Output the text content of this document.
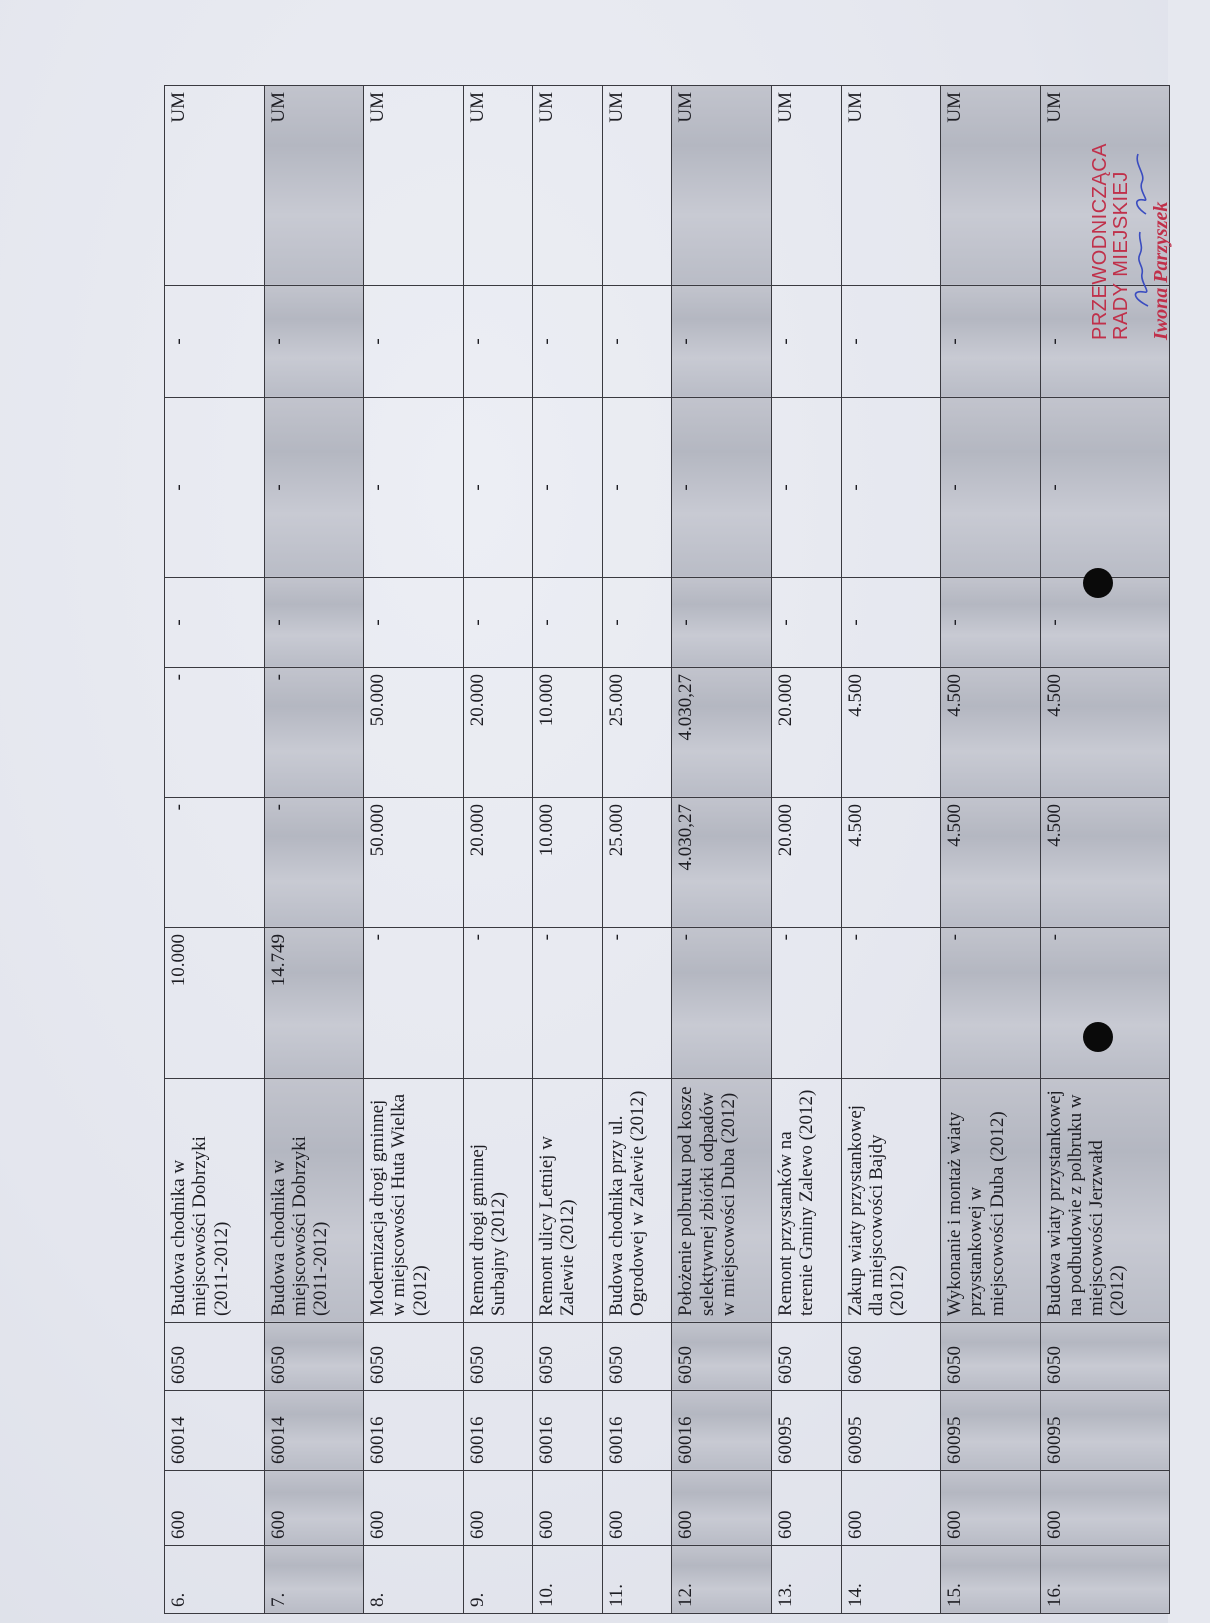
6.	600	60014	6050	Budowa chodnika w miejscowości Dobrzyki (2011-2012)	10.000	-	-	-	-	-	UM
7.	600	60014	6050	Budowa chodnika w miejscowości Dobrzyki (2011-2012)	14.749	-	-	-	-	-	UM
8.	600	60016	6050	Modernizacja drogi gminnej w miejscowości Huta Wielka (2012)	-	50.000	50.000	-	-	-	UM
9.	600	60016	6050	Remont drogi gminnej Surbajny (2012)	-	20.000	20.000	-	-	-	UM
10.	600	60016	6050	Remont ulicy Letniej w Zalewie (2012)	-	10.000	10.000	-	-	-	UM
11.	600	60016	6050	Budowa chodnika przy ul. Ogrodowej w Zalewie (2012)	-	25.000	25.000	-	-	-	UM
12.	600	60016	6050	Położenie polbruku pod kosze selektywnej zbiórki odpadów w miejscowości Duba (2012)	-	4.030,27	4.030,27	-	-	-	UM
13.	600	60095	6050	Remont przystanków na terenie Gminy Zalewo (2012)	-	20.000	20.000	-	-	-	UM
14.	600	60095	6060	Zakup wiaty przystankowej dla miejscowości Bajdy (2012)	-	4.500	4.500	-	-	-	UM
15.	600	60095	6050	Wykonanie i montaż wiaty przystankowej w miejscowości Duba (2012)	-	4.500	4.500	-	-	-	UM
16.	600	60095	6050	Budowa wiaty przystankowej na podbudowie z polbruku w miejscowości Jerzwałd (2012)	-	4.500	4.500	-	-	-	UM
PRZEWODNICZĄCA RADY MIEJSKIEJ Iwona Parzyszek
